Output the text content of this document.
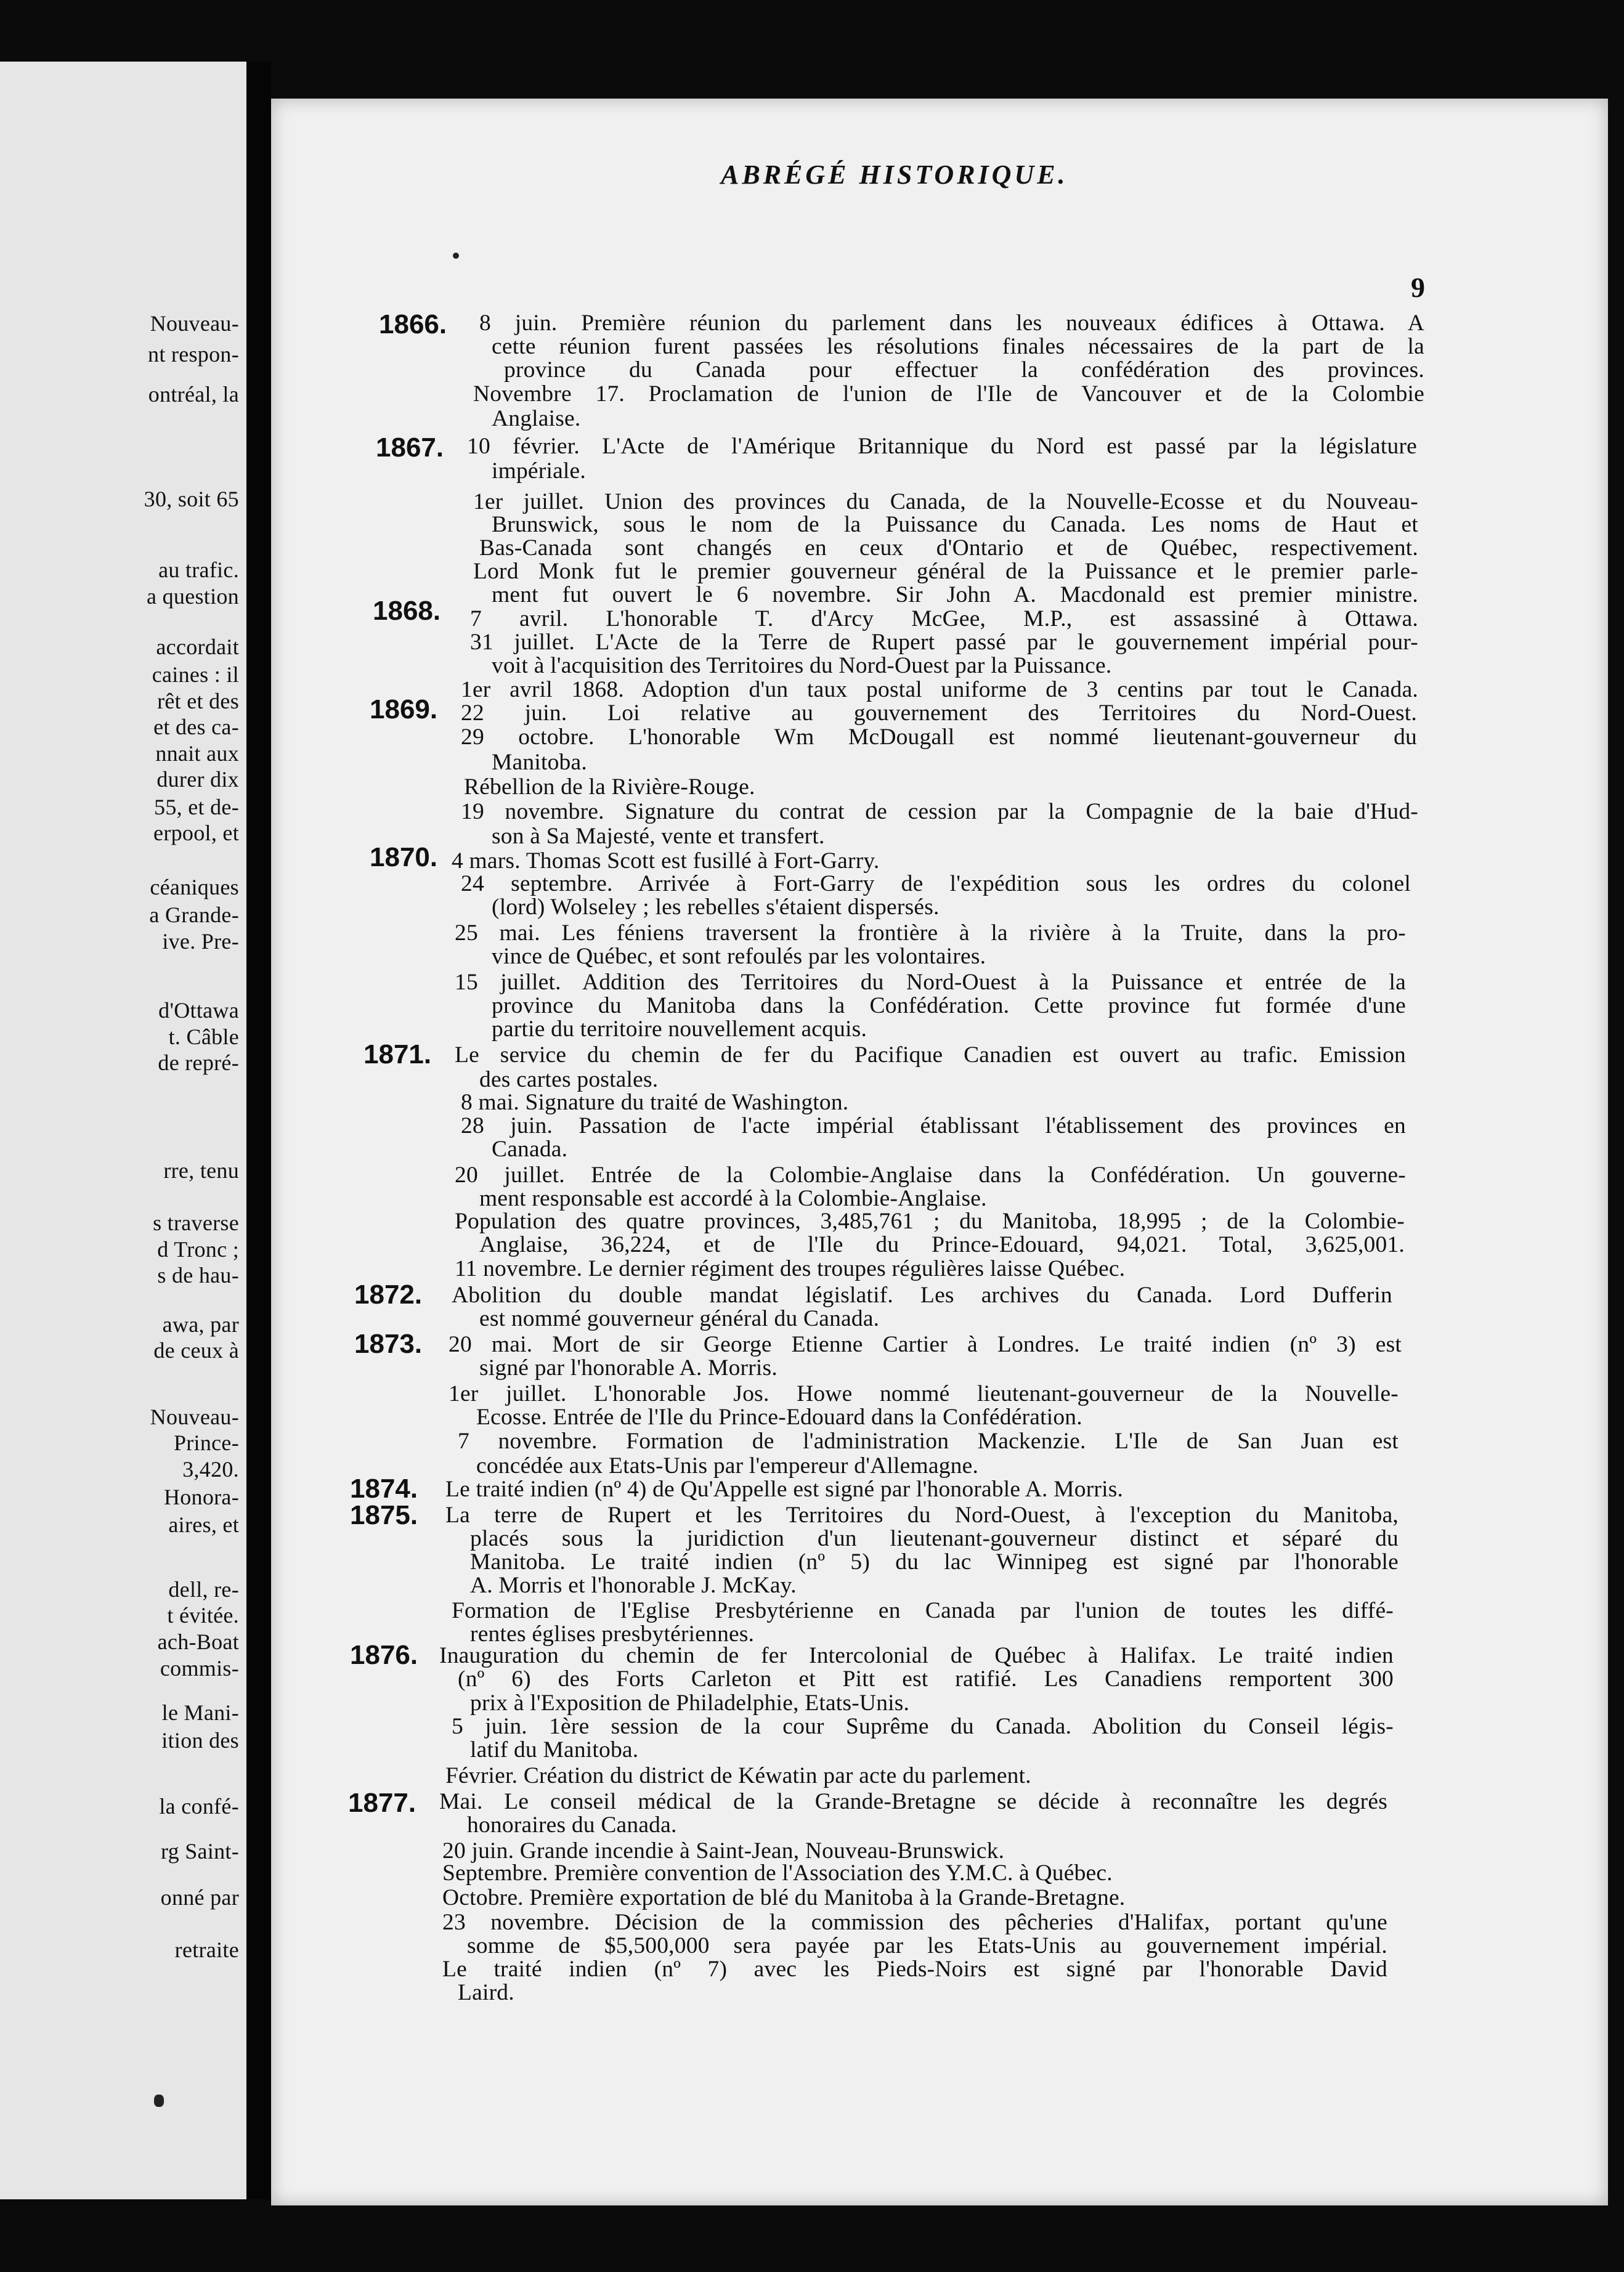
Nouveau-
nt respon-
ontréal, la
30, soit 65
au trafic.
a question
accordait
caines : il
rêt et des
et des ca-
nnait aux
durer dix
55, et de-
erpool, et
céaniques
a Grande-
ive. Pre-
d'Ottawa
t. Câble
de repré-
rre, tenu
s traverse
d Tronc ;
s de hau-
awa, par
de ceux à
Nouveau-
Prince-
3,420.
Honora-
aires, et
dell, re-
t évitée.
ach-Boat
commis-
le Mani-
ition des
la confé-
rg Saint-
onné par
retraite
ABRÉGÉ HISTORIQUE.
9
1866.
1867.
1868.
1869.
1870.
1871.
1872.
1873.
1874.
1875.
1876.
1877.
8 juin. Première réunion du parlement dans les nouveaux édifices à Ottawa. A
cette réunion furent passées les résolutions finales nécessaires de la part de la
province du Canada pour effectuer la confédération des provinces.
Novembre 17. Proclamation de l'union de l'Ile de Vancouver et de la Colombie
Anglaise.
10 février. L'Acte de l'Amérique Britannique du Nord est passé par la législature
impériale.
1er juillet. Union des provinces du Canada, de la Nouvelle-Ecosse et du Nouveau-
Brunswick, sous le nom de la Puissance du Canada. Les noms de Haut et
Bas-Canada sont changés en ceux d'Ontario et de Québec, respectivement.
Lord Monk fut le premier gouverneur général de la Puissance et le premier parle-
ment fut ouvert le 6 novembre. Sir John A. Macdonald est premier ministre.
7 avril. L'honorable T. d'Arcy McGee, M.P., est assassiné à Ottawa.
31 juillet. L'Acte de la Terre de Rupert passé par le gouvernement impérial pour-
voit à l'acquisition des Territoires du Nord-Ouest par la Puissance.
1er avril 1868. Adoption d'un taux postal uniforme de 3 centins par tout le Canada.
22 juin. Loi relative au gouvernement des Territoires du Nord-Ouest.
29 octobre. L'honorable Wm McDougall est nommé lieutenant-gouverneur du
Manitoba.
Rébellion de la Rivière-Rouge.
19 novembre. Signature du contrat de cession par la Compagnie de la baie d'Hud-
son à Sa Majesté, vente et transfert.
4 mars. Thomas Scott est fusillé à Fort-Garry.
24 septembre. Arrivée à Fort-Garry de l'expédition sous les ordres du colonel
(lord) Wolseley ; les rebelles s'étaient dispersés.
25 mai. Les féniens traversent la frontière à la rivière à la Truite, dans la pro-
vince de Québec, et sont refoulés par les volontaires.
15 juillet. Addition des Territoires du Nord-Ouest à la Puissance et entrée de la
province du Manitoba dans la Confédération. Cette province fut formée d'une
partie du territoire nouvellement acquis.
Le service du chemin de fer du Pacifique Canadien est ouvert au trafic. Emission
des cartes postales.
8 mai. Signature du traité de Washington.
28 juin. Passation de l'acte impérial établissant l'établissement des provinces en
Canada.
20 juillet. Entrée de la Colombie-Anglaise dans la Confédération. Un gouverne-
ment responsable est accordé à la Colombie-Anglaise.
Population des quatre provinces, 3,485,761 ; du Manitoba, 18,995 ; de la Colombie-
Anglaise, 36,224, et de l'Ile du Prince-Edouard, 94,021. Total, 3,625,001.
11 novembre. Le dernier régiment des troupes régulières laisse Québec.
Abolition du double mandat législatif. Les archives du Canada. Lord Dufferin
est nommé gouverneur général du Canada.
20 mai. Mort de sir George Etienne Cartier à Londres. Le traité indien (nº 3) est
signé par l'honorable A. Morris.
1er juillet. L'honorable Jos. Howe nommé lieutenant-gouverneur de la Nouvelle-
Ecosse. Entrée de l'Ile du Prince-Edouard dans la Confédération.
7 novembre. Formation de l'administration Mackenzie. L'Ile de San Juan est
concédée aux Etats-Unis par l'empereur d'Allemagne.
Le traité indien (nº 4) de Qu'Appelle est signé par l'honorable A. Morris.
La terre de Rupert et les Territoires du Nord-Ouest, à l'exception du Manitoba,
placés sous la juridiction d'un lieutenant-gouverneur distinct et séparé du
Manitoba. Le traité indien (nº 5) du lac Winnipeg est signé par l'honorable
A. Morris et l'honorable J. McKay.
Formation de l'Eglise Presbytérienne en Canada par l'union de toutes les diffé-
rentes églises presbytériennes.
Inauguration du chemin de fer Intercolonial de Québec à Halifax. Le traité indien
(nº 6) des Forts Carleton et Pitt est ratifié. Les Canadiens remportent 300
prix à l'Exposition de Philadelphie, Etats-Unis.
5 juin. 1ère session de la cour Suprême du Canada. Abolition du Conseil légis-
latif du Manitoba.
Février. Création du district de Kéwatin par acte du parlement.
Mai. Le conseil médical de la Grande-Bretagne se décide à reconnaître les degrés
honoraires du Canada.
20 juin. Grande incendie à Saint-Jean, Nouveau-Brunswick.
Septembre. Première convention de l'Association des Y.M.C. à Québec.
Octobre. Première exportation de blé du Manitoba à la Grande-Bretagne.
23 novembre. Décision de la commission des pêcheries d'Halifax, portant qu'une
somme de $5,500,000 sera payée par les Etats-Unis au gouvernement impérial.
Le traité indien (nº 7) avec les Pieds-Noirs est signé par l'honorable David
Laird.
